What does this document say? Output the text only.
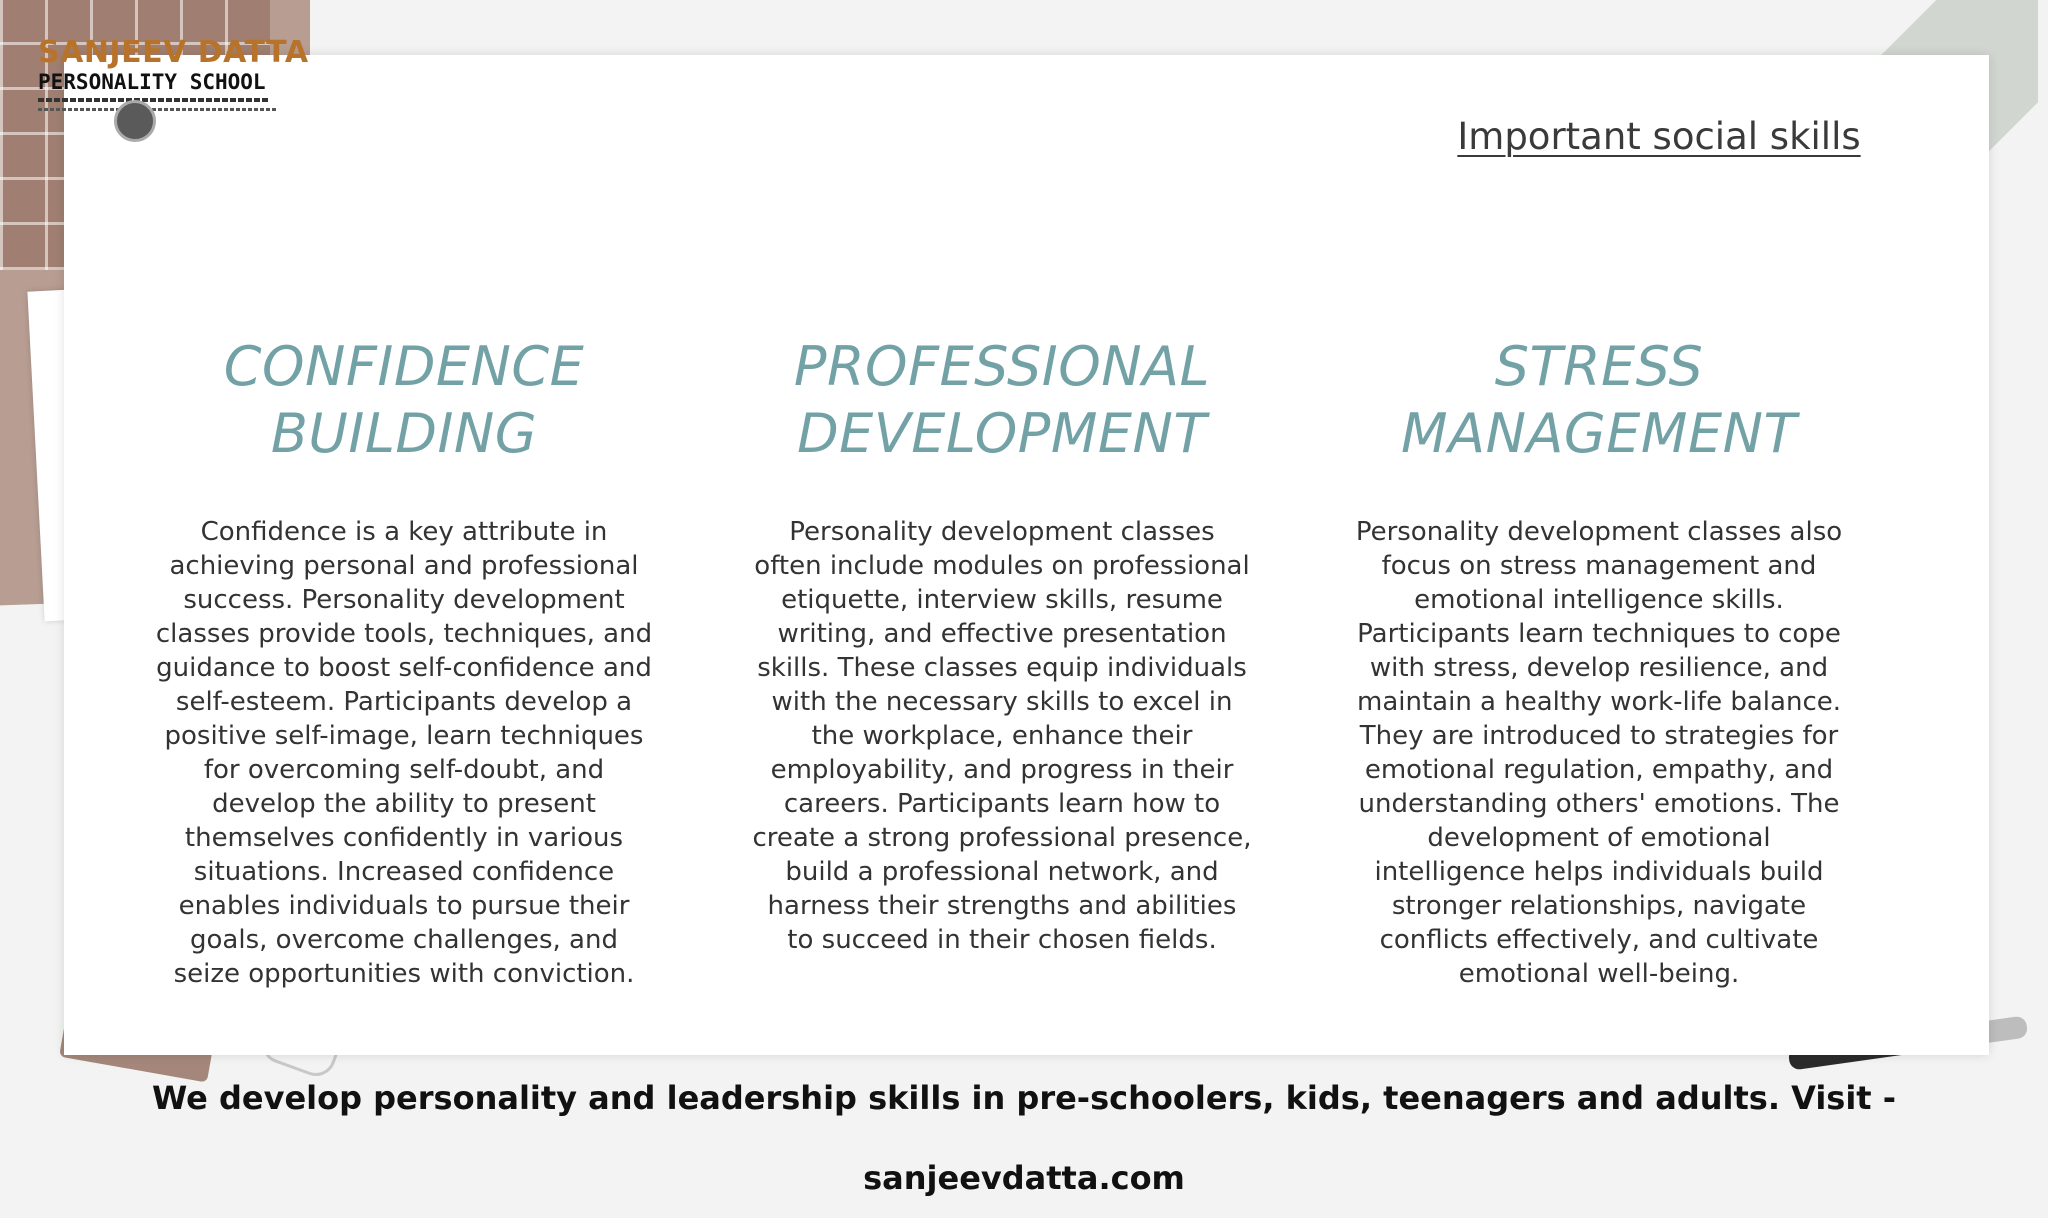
Important social skills
CONFIDENCE BUILDING

Confidence is a key attribute in achieving personal and professional success. Personality development classes provide tools, techniques, and guidance to boost self-confidence and self-esteem. Participants develop a positive self-image, learn techniques for overcoming self-doubt, and develop the ability to present themselves confidently in various situations. Increased confidence enables individuals to pursue their goals, overcome challenges, and seize opportunities with conviction.

PROFESSIONAL DEVELOPMENT

Personality development classes often include modules on professional etiquette, interview skills, resume writing, and effective presentation skills. These classes equip individuals with the necessary skills to excel in the workplace, enhance their employability, and progress in their careers. Participants learn how to create a strong professional presence, build a professional network, and harness their strengths and abilities to succeed in their chosen fields.

STRESS MANAGEMENT

Personality development classes also focus on stress management and emotional intelligence skills. Participants learn techniques to cope with stress, develop resilience, and maintain a healthy work-life balance. They are introduced to strategies for emotional regulation, empathy, and understanding others' emotions. The development of emotional intelligence helps individuals build stronger relationships, navigate conflicts effectively, and cultivate emotional well-being.

SANJEEV DATTA
PERSONALITY SCHOOL
We develop personality and leadership skills in pre-schoolers, kids, teenagers and adults. Visit - sanjeevdatta.com
